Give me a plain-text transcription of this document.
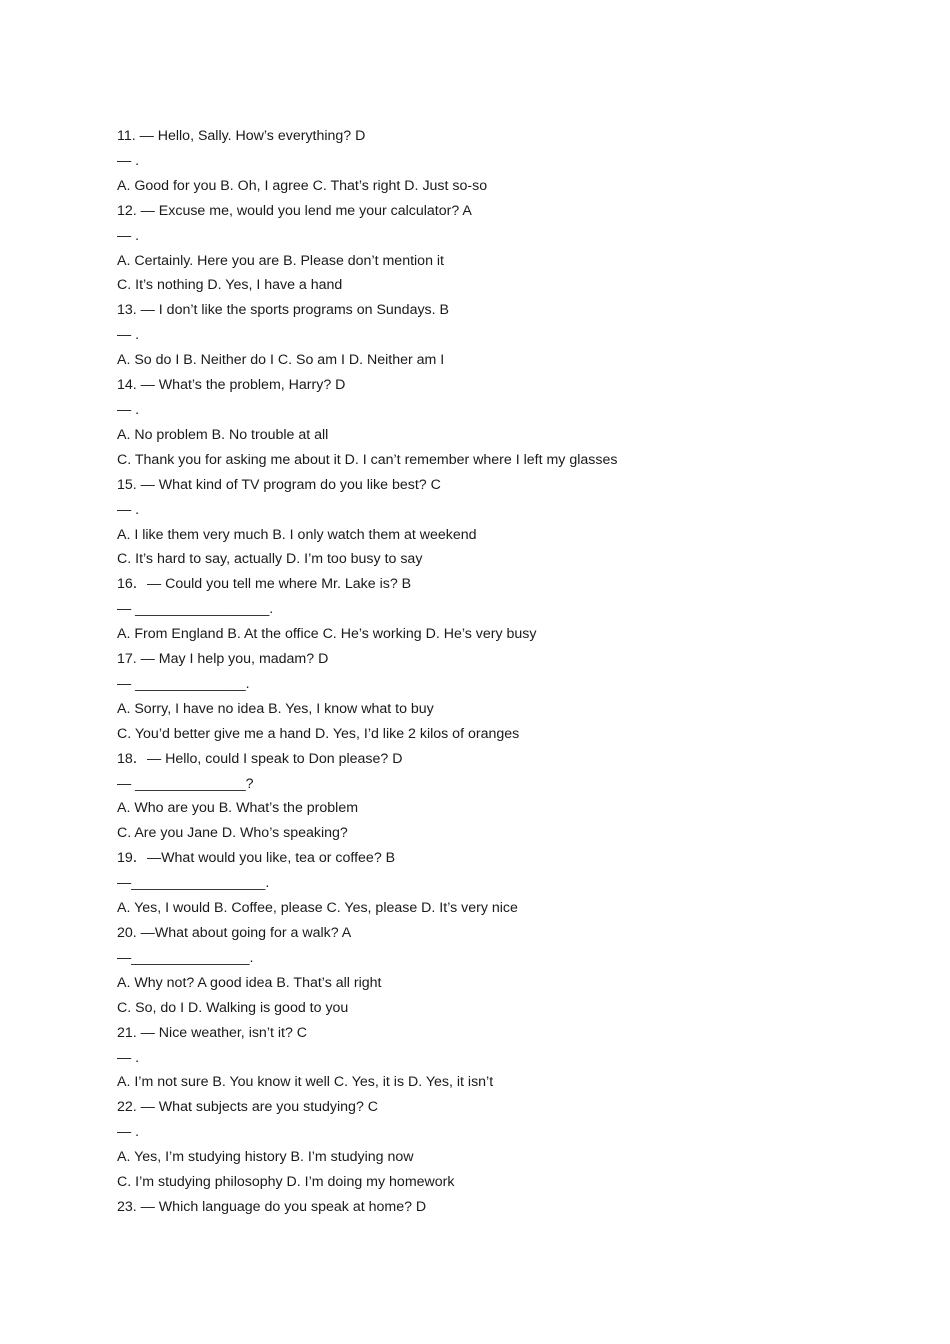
11. — Hello, Sally. How’s everything? D
— .
A. Good for you B. Oh, I agree C. That’s right D. Just so-so
12. — Excuse me, would you lend me your calculator? A
— .
A. Certainly. Here you are B. Please don’t mention it
C. It’s nothing D. Yes, I have a hand
13. — I don’t like the sports programs on Sundays. B
— .
A. So do I B. Neither do I C. So am I D. Neither am I
14. — What’s the problem, Harry? D
— .
A. No problem B. No trouble at all
C. Thank you for asking me about it D. I can’t remember where I left my glasses
15. — What kind of TV program do you like best? C
— .
A. I like them very much B. I only watch them at weekend
C. It’s hard to say, actually D. I’m too busy to say
16．— Could you tell me where Mr. Lake is? B
— _________________.
A. From England B. At the office C. He’s working D. He’s very busy
17. — May I help you, madam? D
— ______________.
A. Sorry, I have no idea B. Yes, I know what to buy
C. You’d better give me a hand D. Yes, I’d like 2 kilos of oranges
18．— Hello, could I speak to Don please? D
— ______________?
A. Who are you B. What’s the problem
C. Are you Jane D. Who’s speaking?
19．—What would you like, tea or coffee? B
—_________________.
A. Yes, I would B. Coffee, please C. Yes, please D. It’s very nice
20. —What about going for a walk? A
—_______________.
A. Why not? A good idea B. That’s all right
C. So, do I D. Walking is good to you
21. — Nice weather, isn’t it? C
— .
A. I’m not sure B. You know it well C. Yes, it is D. Yes, it isn’t
22. — What subjects are you studying? C
— .
A. Yes, I’m studying history B. I’m studying now
C. I’m studying philosophy D. I’m doing my homework
23. — Which language do you speak at home? D
